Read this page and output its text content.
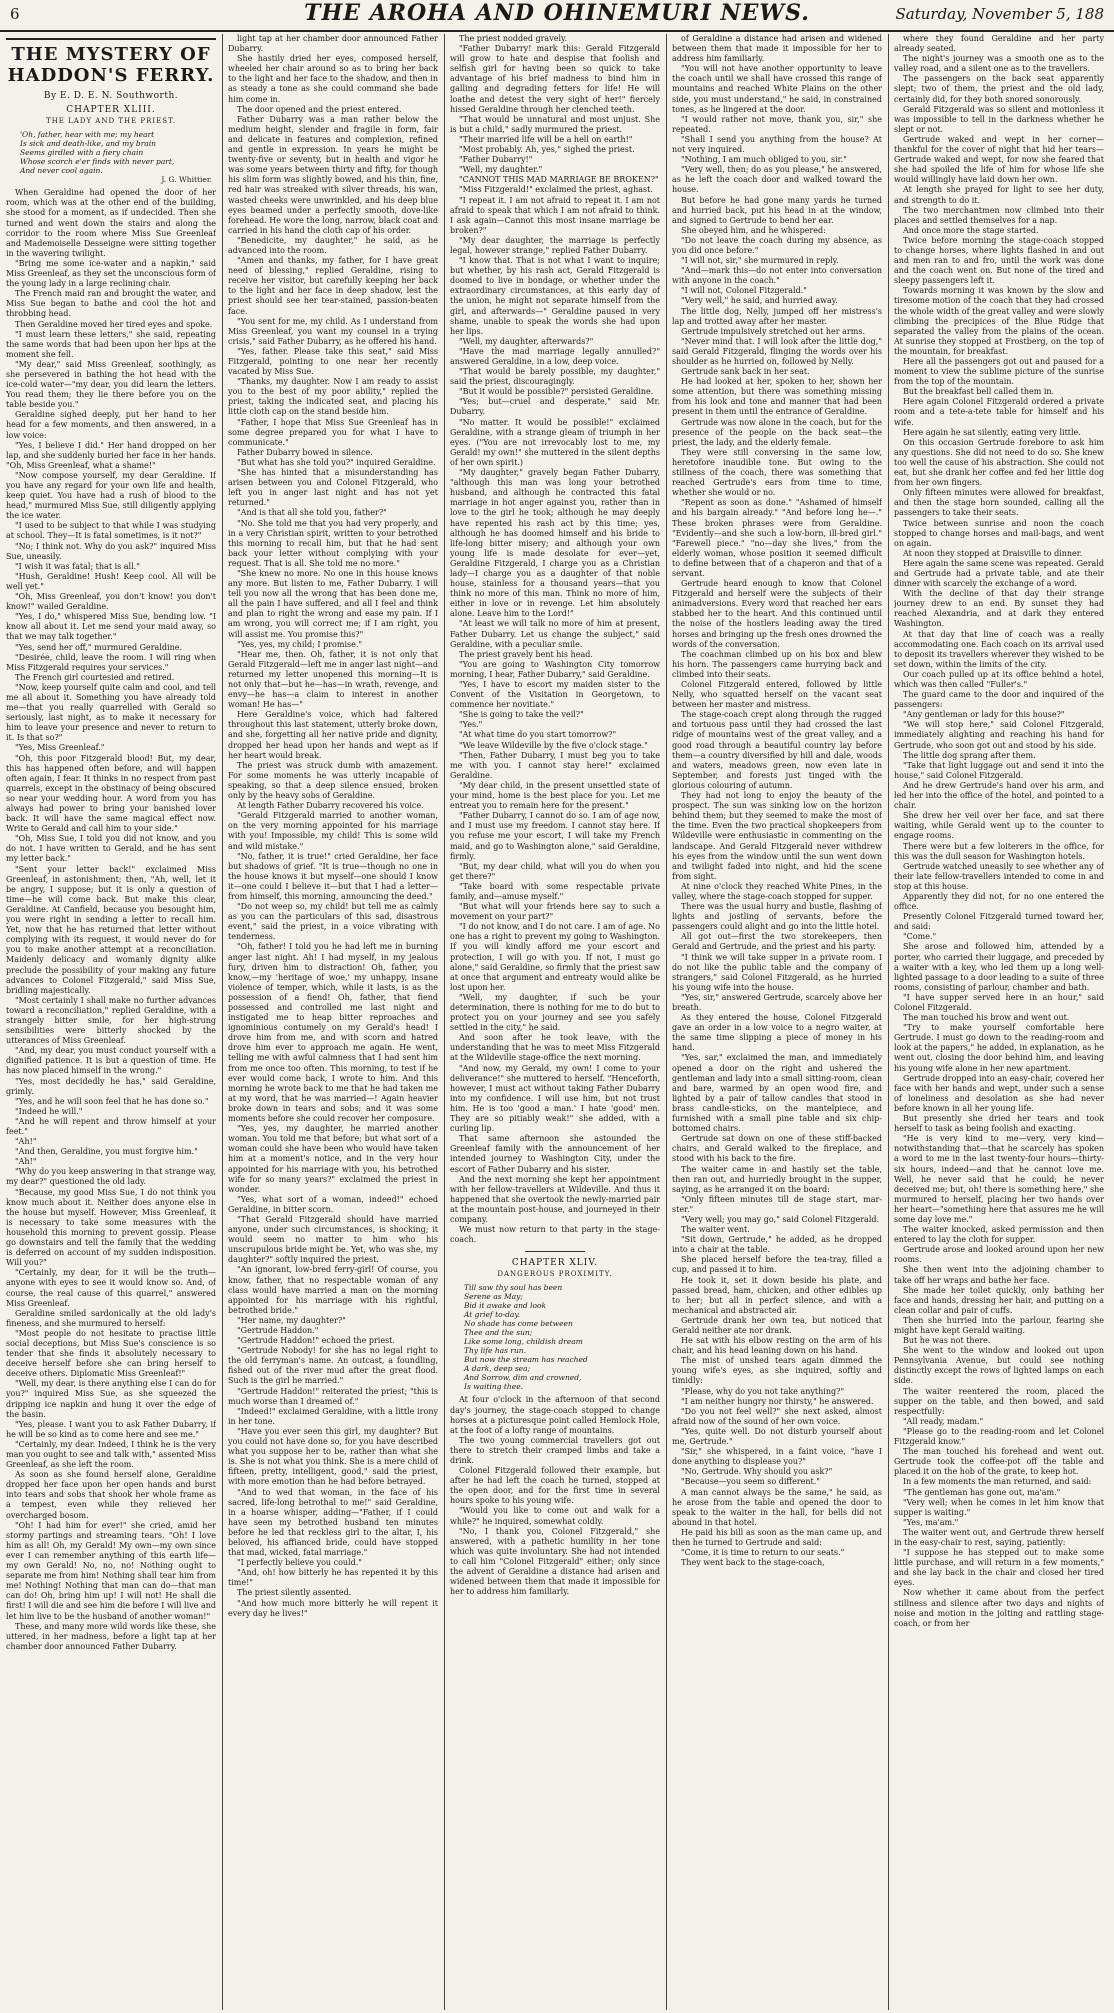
6	THE AROHA AND OHINEMURI NEWS.	Saturday, November 5, 188
THE MYSTERY OF HADDON'S FERRY.
By E. D. E. N. Southworth.
CHAPTER XLIII.
THE LADY AND THE PRIEST.
'Oh, father, hear with me; my heart
Is sick and death-like, and my brain
Seems girdled with a fiery chain
Whose scorch e'er finds with never part,
And never cool again.
J. G. Whittier.

When Geraldine had opened the door of her room, which was at the other end of the building, she stood for a moment, as if undecided. Then she turned and went down the stairs and along the corridor to the room where Miss Sue Greenleaf and Mademoiselle Desseigne were sitting together in the wavering twilight.

"Bring me some ice-water and a napkin," said Miss Greenleaf, as they set the unconscious form of the young lady in a large reclining chair.

The French maid ran and brought the water, and Miss Sue began to bathe and cool the hot and throbbing head.

Then Geraldine moved her tired eyes and spoke.

"I must learn these letters," she said, repeating the same words that had been upon her lips at the moment she fell.

"My dear," said Miss Greenleaf, soothingly, as she persevered in bathing the hot head with the ice-cold water—"my dear, you did learn the letters. You read them; they lie there before you on the table beside you."

Geraldine sighed deeply, put her hand to her head for a few moments, and then answered, in a low voice:

"Yes, I believe I did." Her hand dropped on her lap, and she suddenly buried her face in her hands. "Oh, Miss Greenleaf, what a shame!"

"Now compose yourself, my dear Geraldine. If you have any regard for your own life and health, keep quiet. You have had a rush of blood to the head," murmured Miss Sue, still diligently applying the ice water.

"I used to be subject to that while I was studying at school. They—It is fatal sometimes, is it not?"

"No; I think not. Why do you ask?" inquired Miss Sue, uneasily.

"I wish it was fatal; that is all."

"Hush, Geraldine! Hush! Keep cool. All will be well yet."

"Oh, Miss Greenleaf, you don't know! you don't know!" wailed Geraldine.

"Yes, I do," whispered Miss Sue, bending low. "I know all about it. Let me send your maid away, so that we may talk together."

"Yes, send her off," murmured Geraldine.

"Desirée, child, leave the room. I will ring when Miss Fitzgerald requires your services."

The French girl courtesied and retired.

"Now, keep yourself quite calm and cool, and tell me all about it. Something you have already told me—that you really quarrelled with Gerald so seriously, last night, as to make it necessary for him to leave your presence and never to return to it. Is that so?"

"Yes, Miss Greenleaf."

"Oh, this poor Fitzgerald blood! But, my dear, this has happened often before, and will happen often again, I fear. It thinks in no respect from past quarrels, except in the obstinacy of being obscured so near your wedding hour. A word from you has always had power to bring your banished lover back. It will have the same magical effect now. Write to Gerald and call him to your side."

"Oh, Miss Sue, I told you did not know, and you do not. I have written to Gerald, and he has sent my letter back."

"Sent your letter back!" exclaimed Miss Greenleaf, in astonishment; then, "Ah, well, let it be angry, I suppose; but it is only a question of time—he will come back. But make this clear, Geraldine. At Canfield, because you besought him, you were right in sending a letter to recall him. Yet, now that he has returned that letter without complying with its request, it would never do for you to make another attempt at a reconciliation. Maidenly delicacy and womanly dignity alike preclude the possibility of your making any future advances to Colonel Fitzgerald," said Miss Sue, bridling majestically.

"Most certainly I shall make no further advances toward a reconciliation," replied Geraldine, with a strangely bitter smile, for her high-strung sensibilities were bitterly shocked by the utterances of Miss Greenleaf.

"And, my dear, you must conduct yourself with a dignified patience. It is but a question of time. He has now placed himself in the wrong."

"Yes, most decidedly he has," said Geraldine, grimly.

"Yes, and he will soon feel that he has done so."

"Indeed he will."

"And he will repent and throw himself at your feet."

"Ah!"

"And then, Geraldine, you must forgive him."

"Ah!"

"Why do you keep answering in that strange way, my dear?" questioned the old lady.

"Because, my good Miss Sue, I do not think you know much about it. Neither does anyone else in the house but myself. However, Miss Greenleaf, it is necessary to take some measures with the household this morning to prevent gossip. Please go downstairs and tell the family that the wedding is deferred on account of my sudden indisposition. Will you?"

"Certainly, my dear, for it will be the truth—anyone with eyes to see it would know so. And, of course, the real cause of this quarrel," answered Miss Greenleaf.

Geraldine smiled sardonically at the old lady's fineness, and she murmured to herself:

"Most people do not hesitate to practise little social deceptions, but Miss Sue's conscience is so tender that she finds it absolutely necessary to deceive herself before she can bring herself to deceive others. Diplomatic Miss Greenleaf!"

"Well, my dear, is there anything else I can do for you?" inquired Miss Sue, as she squeezed the dripping ice napkin and hung it over the edge of the basin.

"Yes, please. I want you to ask Father Dubarry, if he will be so kind as to come here and see me."

"Certainly, my dear. Indeed, I think he is the very man you ought to see and talk with," assented Miss Greenleaf, as she left the room.

As soon as she found herself alone, Geraldine dropped her face upon her open hands and burst into tears and sobs that shook her whole frame as a tempest, even while they relieved her overcharged bosom.

"Oh! I had him for ever!" she cried, amid her stormy partings and streaming tears. "Oh! I love him as all! Oh, my Gerald! My own—my own since ever I can remember anything of this earth life—my own Gerald! No, no, no! Nothing ought to separate me from him! Nothing shall tear him from me! Nothing! Nothing that man can do—that man can do! Oh, bring him up! I will not! He shall die first! I will die and see him die before I will live and let him live to be the husband of another woman!"

These, and many more wild words like these, she uttered, in her madness, before a light tap at her chamber door announced Father Dubarry.

light tap at her chamber door announced Father Dubarry.

She hastily dried her eyes, composed herself, wheeled her chair around so as to bring her back to the light and her face to the shadow, and then in as steady a tone as she could command she bade him come in.

The door opened and the priest entered.

Father Dubarry was a man rather below the medium height, slender and fragile in form, fair and delicate in features and complexion, refined and gentle in expression. In years he might be twenty-five or seventy, but in health and vigor he was some years between thirty and fifty, for though his slim form was slightly bowed, and his thin, fine, red hair was streaked with silver threads, his wan, wasted cheeks were unwrinkled, and his deep blue eyes beamed under a perfectly smooth, dove-like forehead. He wore the long, narrow, black coat and carried in his hand the cloth cap of his order.

"Benedicite, my daughter," he said, as he advanced into the room.

"Amen and thanks, my father, for I have great need of blessing," replied Geraldine, rising to receive her visitor, but carefully keeping her back to the light and her face in deep shadow, lest the priest should see her tear-stained, passion-beaten face.

"You sent for me, my child. As I understand from Miss Greenleaf, you want my counsel in a trying crisis," said Father Dubarry, as he offered his hand.

"Yes, father. Please take this seat," said Miss Fitzgerald, pointing to one near her recently vacated by Miss Sue.

"Thanks, my daughter. Now I am ready to assist you to the best of my poor ability," replied the priest, taking the indicated seat, and placing his little cloth cap on the stand beside him.

"Father, I hope that Miss Sue Greenleaf has in some degree prepared you for what I have to communicate."

Father Dubarry bowed in silence.

"But what has she told you?" inquired Geraldine.

"She has hinted that a misunderstanding has arisen between you and Colonel Fitzgerald, who left you in anger last night and has not yet returned."

"And is that all she told you, father?"

"No. She told me that you had very properly, and in a very Christian spirit, written to your betrothed this morning to recall him, but that he had sent back your letter without complying with your request. That is all. She told me no more."

"She knew no more. No one in this house knows any more. But listen to me, Father Dubarry. I will tell you now all the wrong that has been done me, all the pain I have suffered, and all I feel and think and plan to right the wrong and ease my pain. If I am wrong, you will correct me; if I am right, you will assist me. You promise this?"

"Yes, yes, my child; I promise."

"Hear me, then. Oh, father, it is not only that Gerald Fitzgerald—left me in anger last night—and returned my letter unopened this morning—It is not only that—but he—has—in wrath, revenge, and envy—he has—a claim to interest in another woman! He has—"

Here Geraldine's voice, which had faltered throughout this last statement, utterly broke down, and she, forgetting all her native pride and dignity, dropped her head upon her hands and wept as if her heart would break.

The priest was struck dumb with amazement. For some moments he was utterly incapable of speaking, so that a deep silence ensued, broken only by the heavy sobs of Geraldine.

At length Father Dubarry recovered his voice.

"Gerald Fitzgerald married to another woman, on the very morning appointed for his marriage with you! Impossible, my child! This is some wild and wild mistake."

"No, father, it is true!" cried Geraldine, her face but shadows of grief. "It is true—though no one in the house knows it but myself—one should I know it—one could I believe it—but that I had a letter—from himself, this morning, announcing the deed."

"Do not weep so, my child! but tell me as calmly as you can the particulars of this sad, disastrous event," said the priest, in a voice vibrating with tenderness.

"Oh, father! I told you he had left me in burning anger last night. Ah! I had myself, in my jealous fury, driven him to distraction! Oh, father, you know,—my 'heritage of woe,' my unhappy, insane violence of temper, which, while it lasts, is as the possession of a fiend! Oh, father, that fiend possessed and controlled me last night and instigated me to heap bitter reproaches and ignominious contumely on my Gerald's head! I drove him from me, and with scorn and hatred drove him ever to approach me again. He went, telling me with awful calmness that I had sent him from me once too often. This morning, to test if he ever would come back, I wrote to him. And this morning he wrote back to me that he had taken me at my word, that he was married—! Again heavier broke down in tears and sobs; and it was some moments before she could recover her composure.

"Yes, yes, my daughter, he married another woman. You told me that before; but what sort of a woman could she have been who would have taken him at a moment's notice, and in the very hour appointed for his marriage with you, his betrothed wife for so many years?" exclaimed the priest in wonder.

"Yes, what sort of a woman, indeed!" echoed Geraldine, in bitter scorn.

"That Gerald Fitzgerald should have married anyone, under such circumstances, is shocking; it would seem no matter to him who his unscrupulous bride might be. Yet, who was she, my daughter?" softly inquired the priest.

"An ignorant, low-bred ferry-girl! Of course, you know, father, that no respectable woman of any class would have married a man on the morning appointed for his marriage with his rightful, betrothed bride."

"Her name, my daughter?"

"Gertrude Haddon."

"Gertrude Haddon!" echoed the priest.

"Gertrude Nobody! for she has no legal right to the old ferryman's name. An outcast, a foundling, fished out of the river mud after the great flood. Such is the girl he married."

"Gertrude Haddon!" reiterated the priest; "this is much worse than I dreamed of."

"Indeed!" exclaimed Geraldine, with a little irony in her tone.

"Have you ever seen this girl, my daughter? But you could not have done so, for you have described what you suppose her to be, rather than what she is. She is not what you think. She is a mere child of fifteen, pretty, intelligent, good," said the priest, with more emotion than he had before betrayed.

"And to wed that woman, in the face of his sacred, life-long betrothal to me!" said Geraldine, in a hoarse whisper, adding—"Father, if I could have seen my betrothed husband ten minutes before he led that reckless girl to the altar, I, his beloved, his affianced bride, could have stopped that mad, wicked, fatal marriage."

"I perfectly believe you could."

"And, oh! how bitterly he has repented it by this time!"

The priest silently assented.

"And how much more bitterly he will repent it every day he lives!"

The priest nodded gravely.

"Father Dubarry! mark this: Gerald Fitzgerald will grow to hate and despise that foolish and selfish girl for having been so quick to take advantage of his brief madness to bind him in galling and degrading fetters for life! He will loathe and detest the very sight of her!" fiercely hissed Geraldine through her clenched teeth.

"That would be unnatural and most unjust. She is but a child," sadly murmured the priest.

"Their married life will be a hell on earth!"

"Most probably. Ah, yes," sighed the priest.

"Father Dubarry!"

"Well, my daughter."

"CANNOT THIS MAD MARRIAGE BE BROKEN?"

"Miss Fitzgerald!" exclaimed the priest, aghast.

"I repeat it. I am not afraid to repeat it. I am not afraid to speak that which I am not afraid to think. I ask again—Cannot this most insane marriage be broken?"

"My dear daughter, the marriage is perfectly legal, however strange," replied Father Dubarry.

"I know that. That is not what I want to inquire; but whether, by his rash act, Gerald Fitzgerald is doomed to live in bondage, or whether under the extraordinary circumstances, at this early day of the union, he might not separate himself from the girl, and afterwards—" Geraldine paused in very shame, unable to speak the words she had upon her lips.

"Well, my daughter, afterwards?"

"Have the mad marriage legally annulled?" answered Geraldine, in a low, deep voice.

"That would be barely possible, my daughter," said the priest, discouragingly.

"But it would be possible?" persisted Geraldine.

"Yes; but—cruel and desperate," said Mr. Dubarry.

"No matter. It would be possible!" exclaimed Geraldine, with a strange gleam of triumph in her eyes. ("You are not irrevocably lost to me, my Gerald! my own!" she muttered in the silent depths of her own spirit.)

"My daughter," gravely began Father Dubarry, "although this man was long your betrothed husband, and although he contracted this fatal marriage in hot anger against you, rather than in love to the girl he took; although he may deeply have repented his rash act by this time; yes, although he has doomed himself and his bride to life-long bitter misery; and although your own young life is made desolate for ever—yet, Geraldine Fitzgerald, I charge you as a Christian lady—I charge you as a daughter of that noble house, stainless for a thousand years—that you think no more of this man. Think no more of him, either in love or in revenge. Let him absolutely alone. Leave him to the Lord!"

"At least we will talk no more of him at present, Father Dubarry. Let us change the subject," said Geraldine, with a peculiar smile.

The priest gravely bent his head.

"You are going to Washington City tomorrow morning, I hear, Father Dubarry," said Geraldine.

"Yes, I have to escort my maiden sister to the Convent of the Visitation in Georgetown, to commence her novitiate."

"She is going to take the veil?"

"Yes."

"At what time do you start tomorrow?"

"We leave Wildeville by the five o'clock stage."

"Then, Father Dubarry, I must beg you to take me with you. I cannot stay here!" exclaimed Geraldine.

"My dear child, in the present unsettled state of your mind, home is the best place for you. Let me entreat you to remain here for the present."

"Father Dubarry, I cannot do so. I am of age now, and I must use my freedom. I cannot stay here. If you refuse me your escort, I will take my French maid, and go to Washington alone," said Geraldine, firmly.

"But, my dear child, what will you do when you get there?"

"Take board with some respectable private family, and—amuse myself."

"But what will your friends here say to such a movement on your part?"

"I do not know, and I do not care. I am of age. No one has a right to prevent my going to Washington. If you will kindly afford me your escort and protection, I will go with you. If not, I must go alone," said Geraldine, so firmly that the priest saw at once that argument and entreaty would alike be lost upon her.

"Well, my daughter, if such be your determination, there is nothing for me to do but to protect you on your journey and see you safely settled in the city," he said.

And soon after he took leave, with the understanding that he was to meet Miss Fitzgerald at the Wildeville stage-office the next morning.

"And now, my Gerald, my own! I come to your deliverance!" she muttered to herself. "Henceforth, however, I must act without taking Father Dubarry into my confidence. I will use him, but not trust him. He is too 'good a man.' I hate 'good' men. They are so pitiably weak!" she added, with a curling lip.

That same afternoon she astounded the Greenleaf family with the announcement of her intended journey to Washington City, under the escort of Father Dubarry and his sister.

And the next morning she kept her appointment with her fellow-travellers at Wildeville. And thus it happened that she overtook the newly-married pair at the mountain post-house, and journeyed in their company.

We must now return to that party in the stage-coach.

CHAPTER XLIV.
DANGEROUS PROXIMITY.
Till saw thy soul has been
Serene as May;
Bid it awake and look
At grief to-day.
No shade has come between
Thee and the sun;
Like some long, childish dream
Thy life has run.
But now the stream has reached
A dark, deep sea;
And Sorrow, dim and crowned,
Is waiting thee.

At four o'clock in the afternoon of that second day's journey, the stage-coach stopped to change horses at a picturesque point called Hemlock Hole, at the foot of a lofty range of mountains.

The two young commercial travellers got out there to stretch their cramped limbs and take a drink.

Colonel Fitzgerald followed their example, but after he had left the coach he turned, stopped at the open door, and for the first time in several hours spoke to his young wife.

"Would you like to come out and walk for a while?" he inquired, somewhat coldly.

"No, I thank you, Colonel Fitzgerald," she answered, with a pathetic humility in her tone which was quite involuntary. She had not intended to call him "Colonel Fitzgerald" either; only since the advent of Geraldine a distance had arisen and widened between them that made it impossible for her to address him familiarly.

of Geraldine a distance had arisen and widened between them that made it impossible for her to address him familiarly.

"You will not have another opportunity to leave the coach until we shall have crossed this range of mountains and reached White Plains on the other side, you must understand," he said, in constrained tones, as he lingered at the door.

"I would rather not move, thank you, sir," she repeated.

"Shall I send you anything from the house? At not very inquired.

"Nothing, I am much obliged to you, sir."

"Very well, then; do as you please," he answered, as he left the coach door and walked toward the house.

But before he had gone many yards he turned and hurried back, put his head in at the window, and signed to Gertrude to bend her ear.

She obeyed him, and he whispered:

"Do not leave the coach during my absence, as you did once before."

"I will not, sir," she murmured in reply.

"And—mark this—do not enter into conversation with anyone in the coach."

"I will not, Colonel Fitzgerald."

"Very well," he said, and hurried away.

The little dog, Nelly, jumped off her mistress's lap and trotted away after her master.

Gertrude impulsively stretched out her arms.

"Never mind that. I will look after the little dog," said Gerald Fitzgerald, flinging the words over his shoulder as he hurried on, followed by Nelly.

Gertrude sank back in her seat.

He had looked at her, spoken to her, shown her some attention, but there was something missing from his look and tone and manner that had been present in them until the entrance of Geraldine.

Gertrude was now alone in the coach, but for the presence of the people on the back seat—the priest, the lady, and the elderly female.

They were still conversing in the same low, heretofore inaudible tone. But owing to the stillness of the coach, there was something that reached Gertrude's ears from time to time, whether she would or no.

"Repent as soon as done." "Ashamed of himself and his bargain already." "And before long he—." These broken phrases were from Geraldine. "Evidently—and she such a low-born, ill-bred girl." "Farewell piece." "no—day she lives," from the elderly woman, whose position it seemed difficult to define between that of a chaperon and that of a servant.

Gertrude heard enough to know that Colonel Fitzgerald and herself were the subjects of their animadversions. Every word that reached her ears stabbed her to the heart. And this continued until the noise of the hostlers leading away the tired horses and bringing up the fresh ones drowned the words of the conversation.

The coachman climbed up on his box and blew his horn. The passengers came hurrying back and climbed into their seats.

Colonel Fitzgerald entered, followed by little Nelly, who squatted herself on the vacant seat between her master and mistress.

The stage-coach crept along through the rugged and tortuous pass until they had crossed the last ridge of mountains west of the great valley, and a good road through a beautiful country lay before them—a country diversified by hill and dale, woods and waters, meadows green, now even late in September, and forests just tinged with the glorious colouring of autumn.

They had not long to enjoy the beauty of the prospect. The sun was sinking low on the horizon behind them; but they seemed to make the most of the time. Even the two practical shopkeepers from Wildeville were enthusiastic in commenting on the landscape. And Gerald Fitzgerald never withdrew his eyes from the window until the sun went down and twilight faded into night, and hid the scene from sight.

At nine o'clock they reached White Pines, in the valley, where the stage-coach stopped for supper.

There was the usual hurry and bustle, flashing of lights and jostling of servants, before the passengers could alight and go into the little hotel.

All got out—first the two storekeepers, then Gerald and Gertrude, and the priest and his party.

"I think we will take supper in a private room. I do not like the public table and the company of strangers," said Colonel Fitzgerald, as he hurried his young wife into the house.

"Yes, sir," answered Gertrude, scarcely above her breath.

As they entered the house, Colonel Fitzgerald gave an order in a low voice to a negro waiter, at the same time slipping a piece of money in his hand.

"Yes, sar," exclaimed the man, and immediately opened a door on the right and ushered the gentleman and lady into a small sitting-room, clean and bare, warmed by an open wood fire, and lighted by a pair of tallow candles that stood in brass candle-sticks, on the mantelpiece, and furnished with a small pine table and six chip-bottomed chairs.

Gertrude sat down on one of these stiff-backed chairs, and Gerald walked to the fireplace, and stood with his back to the fire.

The waiter came in and hastily set the table, then ran out, and hurriedly brought in the supper, saying, as he arranged it on the board:

"Only fifteen minutes till de stage start, mar-ster."

"Very well; you may go," said Colonel Fitzgerald.

The waiter went.

"Sit down, Gertrude," he added, as he dropped into a chair at the table.

She placed herself before the tea-tray, filled a cup, and passed it to him.

He took it, set it down beside his plate, and passed bread, ham, chicken, and other edibles up to her; but all in perfect silence, and with a mechanical and abstracted air.

Gertrude drank her own tea, but noticed that Gerald neither ate nor drank.

He sat with his elbow resting on the arm of his chair, and his head leaning down on his hand.

The mist of unshed tears again dimmed the young wife's eyes, as she inquired, softly and timidly:

"Please, why do you not take anything?"

"I am neither hungry nor thirsty," he answered.

"Do you not feel well?" she next asked, almost afraid now of the sound of her own voice.

"Yes, quite well. Do not disturb yourself about me, Gertrude."

"Sir," she whispered, in a faint voice, "have I done anything to displease you?"

"No, Gertrude. Why should you ask?"

"Because—you seem so different."

A man cannot always be the same," he said, as he arose from the table and opened the door to speak to the waiter in the hall, for bells did not abound in that hotel.

He paid his bill as soon as the man came up, and then he turned to Gertrude and said:

"Come, it is time to return to our seats."

They went back to the stage-coach,

where they found Geraldine and her party already seated.

The night's journey was a smooth one as to the valley road, and a silent one as to the travellers.

The passengers on the back seat apparently slept; two of them, the priest and the old lady, certainly did, for they both snored sonorously.

Gerald Fitzgerald was so silent and motionless it was impossible to tell in the darkness whether he slept or not.

Gertrude waked and wept in her corner—thankful for the cover of night that hid her tears—Gertrude waked and wept, for now she feared that she had spoiled the life of him for whose life she would willingly have laid down her own.

At length she prayed for light to see her duty, and strength to do it.

The two merchantmen now climbed into their places and settled themselves for a nap.

And once more the stage started.

Twice before morning the stage-coach stopped to change horses, where lights flashed in and out and men ran to and fro, until the work was done and the coach went on. But none of the tired and sleepy passengers left it.

Towards morning it was known by the slow and tiresome motion of the coach that they had crossed the whole width of the great valley and were slowly climbing the precipices of the Blue Ridge that separated the valley from the plains of the ocean. At sunrise they stopped at Frostberg, on the top of the mountain, for breakfast.

Here all the passengers got out and paused for a moment to view the sublime picture of the sunrise from the top of the mountain.

But the breakfast bell called them in.

Here again Colonel Fitzgerald ordered a private room and a tete-a-tete table for himself and his wife.

Here again he sat silently, eating very little.

On this occasion Gertrude forebore to ask him any questions. She did not need to do so. She knew too well the cause of his abstraction. She could not eat, but she drank her coffee and fed her little dog from her own fingers.

Only fifteen minutes were allowed for breakfast, and then the stage horn sounded, calling all the passengers to take their seats.

Twice between sunrise and noon the coach stopped to change horses and mail-bags, and went on again.

At noon they stopped at Draisville to dinner.

Here again the same scene was repeated. Gerald and Gertrude had a private table, and ate their dinner with scarcely the exchange of a word.

With the decline of that day their strange journey drew to an end. By sunset they had reached Alexandria, and at dark they entered Washington.

At that day that line of coach was a really accommodating one. Each coach on its arrival used to deposit its travellers wherever they wished to be set down, within the limits of the city.

Our coach pulled up at its office behind a hotel, which was then called "Fuller's."

The guard came to the door and inquired of the passengers:

"Any gentleman or lady for this house?"

"We will stop here," said Colonel Fitzgerald, immediately alighting and reaching his hand for Gertrude, who soon got out and stood by his side.

The little dog sprang after them.

"Take that light luggage out and send it into the house," said Colonel Fitzgerald.

And he drew Gertrude's hand over his arm, and led her into the office of the hotel, and pointed to a chair.

She drew her veil over her face, and sat there waiting, while Gerald went up to the counter to engage rooms.

There were but a few loiterers in the office, for this was the dull season for Washington hotels.

Gertrude watched uneasily to see whether any of their late fellow-travellers intended to come in and stop at this house.

Apparently they did not, for no one entered the office.

Presently Colonel Fitzgerald turned toward her, and said:

"Come."

She arose and followed him, attended by a porter, who carried their luggage, and preceded by a waiter with a key, who led them up a long well-lighted passage to a door leading to a suite of three rooms, consisting of parlour, chamber and bath.

"I have supper served here in an hour," said Colonel Fitzgerald.

The man touched his brow and went out.

"Try to make yourself comfortable here Gertrude. I must go down to the reading-room and look at the papers," he added, in explanation, as he went out, closing the door behind him, and leaving his young wife alone in her new apartment.

Gertrude dropped into an easy-chair, covered her face with her hands and wept, under such a sense of loneliness and desolation as she had never before known in all her young life.

But presently she dried her tears and took herself to task as being foolish and exacting.

"He is very kind to me—very, very kind—notwithstanding that—that he scarcely has spoken a word to me in the last twenty-four hours—thirty-six hours, indeed—and that he cannot love me. Well, he never said that he could; he never deceived me; but, oh! there is something here," she murmured to herself, placing her two hands over her heart—"something here that assures me he will some day love me."

The waiter knocked, asked permission and then entered to lay the cloth for supper.

Gertrude arose and looked around upon her new rooms.

She then went into the adjoining chamber to take off her wraps and bathe her face.

She made her toilet quickly, only bathing her face and hands, dressing her hair, and putting on a clean collar and pair of cuffs.

Then she hurried into the parlour, fearing she might have kept Gerald waiting.

But he was not there.

She went to the window and looked out upon Pennsylvania Avenue, but could see nothing distinctly except the rows of lighted lamps on each side.

The waiter reentered the room, placed the supper on the table, and then bowed, and said respectfully:

"All ready, madam."

"Please go to the reading-room and let Colonel Fitzgerald know."

The man touched his forehead and went out. Gertrude took the coffee-pot off the table and placed it on the hob of the grate, to keep hot.

In a few moments the man returned, and said:

"The gentleman has gone out, ma'am."

"Very well; when he comes in let him know that supper is waiting."

"Yes, ma'am."

The waiter went out, and Gertrude threw herself in the easy-chair to rest, saying, patiently:

"I suppose he has stepped out to make some little purchase, and will return in a few moments," and she lay back in the chair and closed her tired eyes.

Now whether it came about from the perfect stillness and silence after two days and nights of noise and motion in the jolting and rattling stage-coach, or from her
